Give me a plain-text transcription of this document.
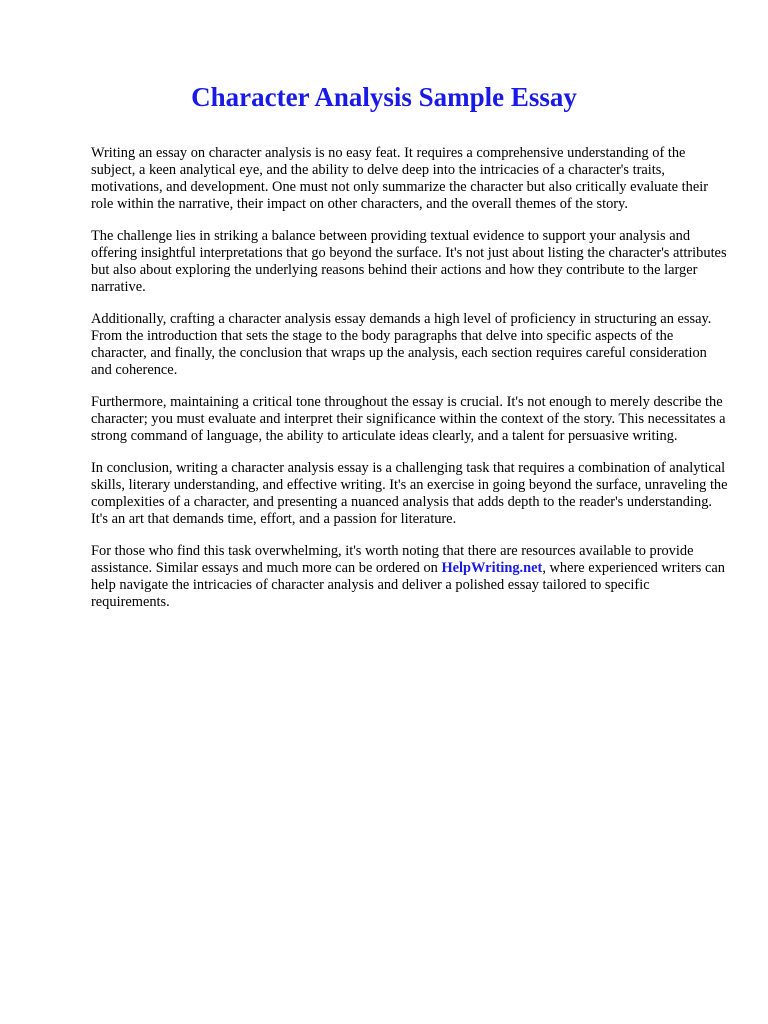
Character Analysis Sample Essay

Writing an essay on character analysis is no easy feat. It requires a comprehensive understanding of the subject, a keen analytical eye, and the ability to delve deep into the intricacies of a character's traits, motivations, and development. One must not only summarize the character but also critically evaluate their role within the narrative, their impact on other characters, and the overall themes of the story.

The challenge lies in striking a balance between providing textual evidence to support your analysis and offering insightful interpretations that go beyond the surface. It's not just about listing the character's attributes but also about exploring the underlying reasons behind their actions and how they contribute to the larger narrative.

Additionally, crafting a character analysis essay demands a high level of proficiency in structuring an essay. From the introduction that sets the stage to the body paragraphs that delve into specific aspects of the character, and finally, the conclusion that wraps up the analysis, each section requires careful consideration and coherence.

Furthermore, maintaining a critical tone throughout the essay is crucial. It's not enough to merely describe the character; you must evaluate and interpret their significance within the context of the story. This necessitates a strong command of language, the ability to articulate ideas clearly, and a talent for persuasive writing.

In conclusion, writing a character analysis essay is a challenging task that requires a combination of analytical skills, literary understanding, and effective writing. It's an exercise in going beyond the surface, unraveling the complexities of a character, and presenting a nuanced analysis that adds depth to the reader's understanding. It's an art that demands time, effort, and a passion for literature.

For those who find this task overwhelming, it's worth noting that there are resources available to provide assistance. Similar essays and much more can be ordered on HelpWriting.net, where experienced writers can help navigate the intricacies of character analysis and deliver a polished essay tailored to specific requirements.
